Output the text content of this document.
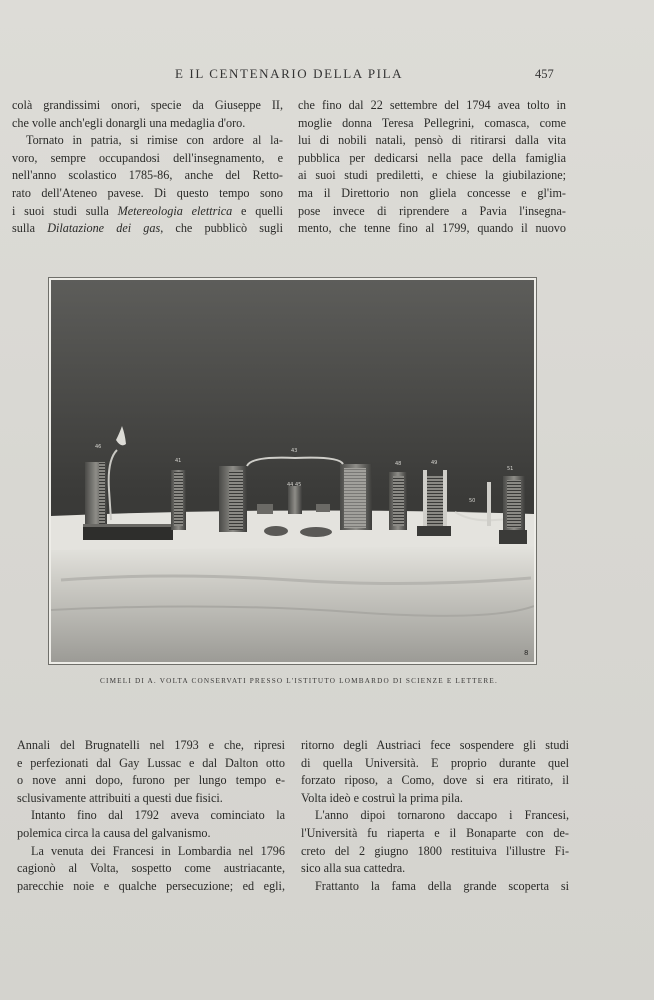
E IL CENTENARIO DELLA PILA	457
colà grandissimi onori, specie da Giuseppe II,
che volle anch'egli donargli una medaglia d'oro.
Tornato in patria, si rimise con ardore al la-
voro, sempre occupandosi dell'insegnamento, e
nell'anno scolastico 1785-86, anche del Retto-
rato dell'Ateneo pavese. Di questo tempo sono
i suoi studi sulla Metereologia elettrica e quelli
sulla Dilatazione dei gas, che pubblicò sugli
che fino dal 22 settembre del 1794 avea tolto in
moglie donna Teresa Pellegrini, comasca, come
lui di nobili natali, pensò di ritirarsi dalla vita
pubblica per dedicarsi nella pace della famiglia
ai suoi studi prediletti, e chiese la giubilazione;
ma il Direttorio non gliela concesse e gl'im-
pose invece di riprendere a Pavia l'insegna-
mento, che tenne fino al 1799, quando il nuovo
46
41
43
44 45
48	49
50
51
8
CIMELI DI A. VOLTA CONSERVATI PRESSO L'ISTITUTO LOMBARDO DI SCIENZE E LETTERE.
Annali del Brugnatelli nel 1793 e che, ripresi
e perfezionati dal Gay Lussac e dal Dalton otto
o nove anni dopo, furono per lungo tempo e-
sclusivamente attribuiti a questi due fisici.
Intanto fino dal 1792 aveva cominciato la
polemica circa la causa del galvanismo.
La venuta dei Francesi in Lombardia nel 1796
cagionò al Volta, sospetto come austriacante,
parecchie noie e qualche persecuzione; ed egli,
ritorno degli Austriaci fece sospendere gli studi
di quella Università. E proprio durante quel
forzato riposo, a Como, dove si era ritirato, il
Volta ideò e costruì la prima pila.
L'anno dipoi tornarono daccapo i Francesi,
l'Università fu riaperta e il Bonaparte con de-
creto del 2 giugno 1800 restituiva l'illustre Fi-
sico alla sua cattedra.
Frattanto la fama della grande scoperta si
